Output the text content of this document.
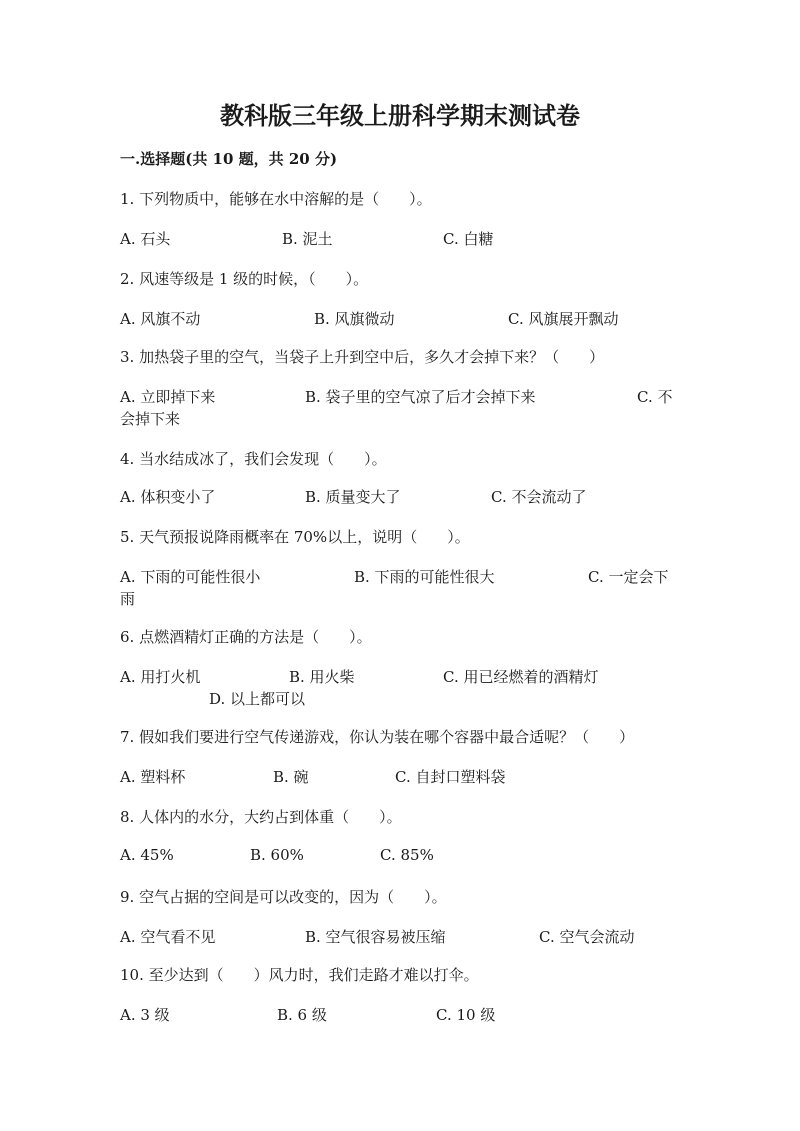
教科版三年级上册科学期末测试卷
一.选择题(共 10 题，共 20 分)
1. 下列物质中，能够在水中溶解的是（　　）。
A. 石头	B. 泥土	C. 白糖
2. 风速等级是 1 级的时候，（　　）。
A. 风旗不动	B. 风旗微动	C. 风旗展开飘动
3. 加热袋子里的空气，当袋子上升到空中后，多久才会掉下来？（　　）
A. 立即掉下来	B. 袋子里的空气凉了后才会掉下来	C. 不
会掉下来
4. 当水结成冰了，我们会发现（　　）。
A. 体积变小了	B. 质量变大了	C. 不会流动了
5. 天气预报说降雨概率在 70%以上，说明（　　）。
A. 下雨的可能性很小	B. 下雨的可能性很大	C. 一定会下
雨
6. 点燃酒精灯正确的方法是（　　）。
A. 用打火机	B. 用火柴	C. 用已经燃着的酒精灯
D. 以上都可以
7. 假如我们要进行空气传递游戏，你认为装在哪个容器中最合适呢？（　　）
A. 塑料杯	B. 碗	C. 自封口塑料袋
8. 人体内的水分，大约占到体重（　　）。
A. 45%	B. 60%	C. 85%
9. 空气占据的空间是可以改变的，因为（　　）。
A. 空气看不见	B. 空气很容易被压缩	C. 空气会流动
10. 至少达到（　　）风力时，我们走路才难以打伞。
A. 3 级	B. 6 级	C. 10 级
